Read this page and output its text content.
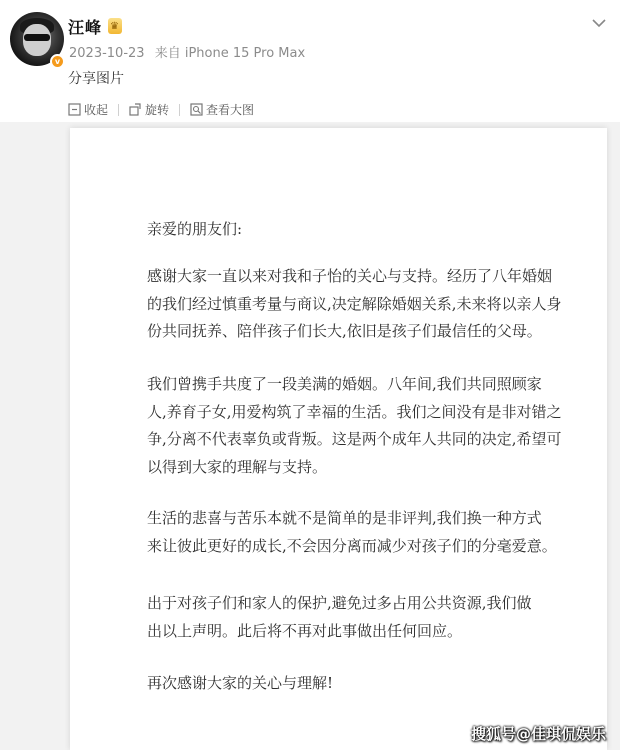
v
汪峰 ♛
2023-10-23 来自 iPhone 15 Pro Max
分享图片
收起	旋转	查看大图
亲爱的朋友们:
感谢大家一直以来对我和子怡的关心与支持。经历了八年婚姻
的我们经过慎重考量与商议,决定解除婚姻关系,未来将以亲人身
份共同抚养、陪伴孩子们长大,依旧是孩子们最信任的父母。
我们曾携手共度了一段美满的婚姻。八年间,我们共同照顾家
人,养育子女,用爱构筑了幸福的生活。我们之间没有是非对错之
争,分离不代表辜负或背叛。这是两个成年人共同的决定,希望可
以得到大家的理解与支持。
生活的悲喜与苦乐本就不是简单的是非评判,我们换一种方式
来让彼此更好的成长,不会因分离而减少对孩子们的分毫爱意。
出于对孩子们和家人的保护,避免过多占用公共资源,我们做
出以上声明。此后将不再对此事做出任何回应。
再次感谢大家的关心与理解!
搜狐号@佳琪侃娱乐
